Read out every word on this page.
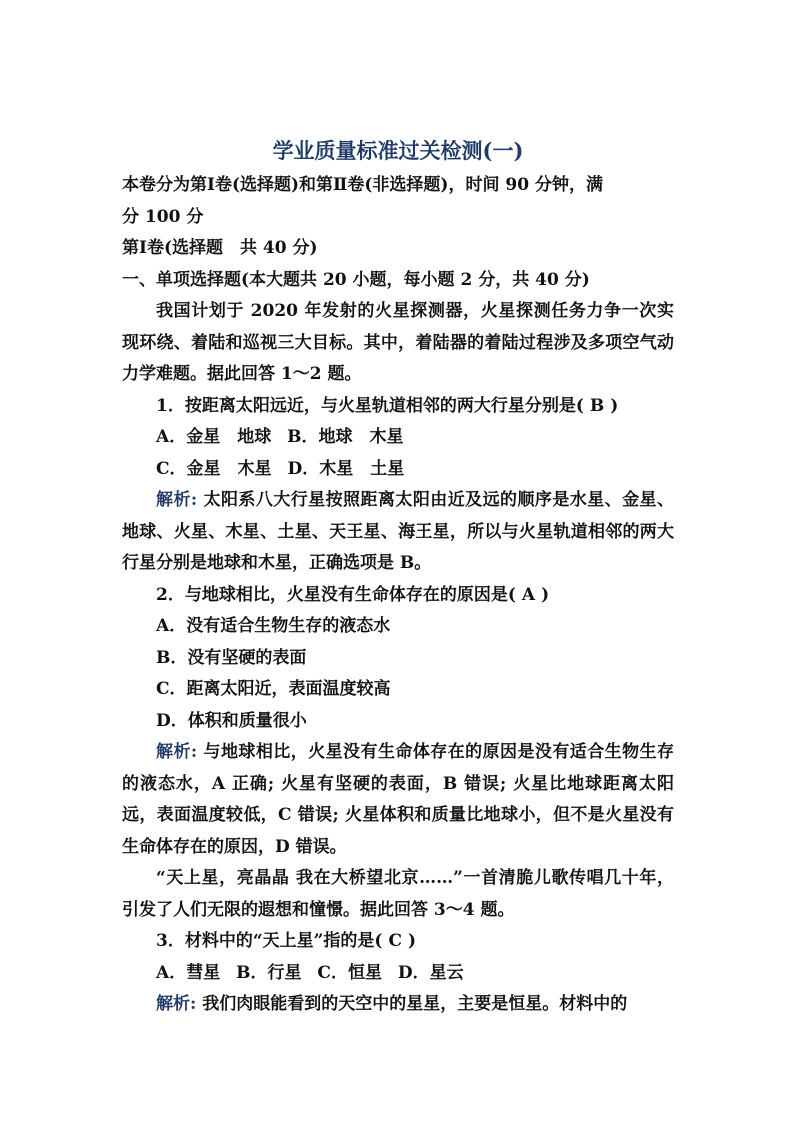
学业质量标准过关检测(一)

本卷分为第Ⅰ卷(选择题)和第Ⅱ卷(非选择题)，时间 90 分钟，满

分 100 分

第Ⅰ卷(选择题　共 40 分)

一、单项选择题(本大题共 20 小题，每小题 2 分，共 40 分)

我国计划于 2020 年发射的火星探测器，火星探测任务力争一次实现环绕、着陆和巡视三大目标。其中，着陆器的着陆过程涉及多项空气动力学难题。据此回答 1～2 题。

1．按距离太阳远近，与火星轨道相邻的两大行星分别是( B )

A．金星　地球 B．地球　木星

C．金星　木星 D．木星　土星

解析: 太阳系八大行星按照距离太阳由近及远的顺序是水星、金星、地球、火星、木星、土星、天王星、海王星，所以与火星轨道相邻的两大行星分别是地球和木星，正确选项是 B。

2．与地球相比，火星没有生命体存在的原因是( A )

A．没有适合生物生存的液态水

B．没有坚硬的表面

C．距离太阳近，表面温度较高

D．体积和质量很小

解析: 与地球相比，火星没有生命体存在的原因是没有适合生物生存的液态水，A 正确; 火星有坚硬的表面，B 错误; 火星比地球距离太阳远，表面温度较低，C 错误; 火星体积和质量比地球小，但不是火星没有生命体存在的原因，D 错误。

“天上星，亮晶晶 我在大桥望北京……”一首清脆儿歌传唱几十年，引发了人们无限的遐想和憧憬。据此回答 3～4 题。

3．材料中的“天上星”指的是( C )

A．彗星 B．行星 C．恒星 D．星云

解析: 我们肉眼能看到的天空中的星星，主要是恒星。材料中的
